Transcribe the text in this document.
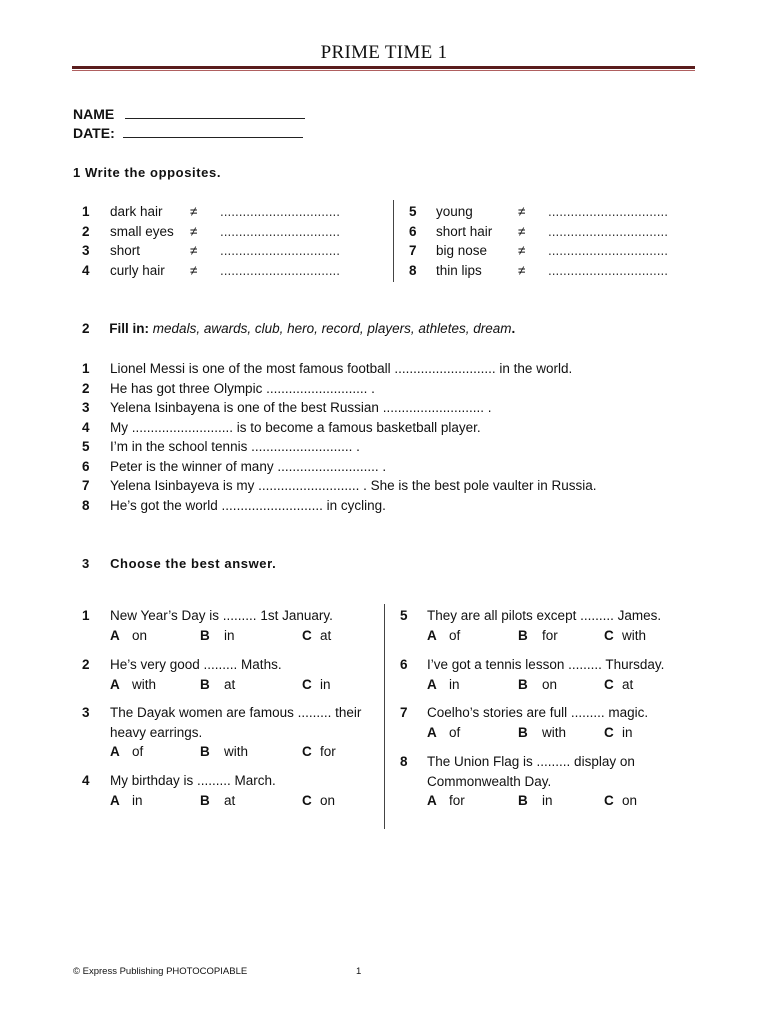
PRIME TIME 1
NAME
DATE:
1 Write the opposites.
1 dark hair ≠ ................................
2 small eyes ≠ ................................
3 short	≠ ................................
4 curly hair ≠ ................................
5 young	≠ ................................
6 short hair ≠ ................................
7 big nose ≠ ................................
8 thin lips	≠ ................................
2 Fill in: medals, awards, club, hero, record, players, athletes, dream.
1 Lionel Messi is one of the most famous football ........................... in the world.
2 He has got three Olympic ........................... .
3 Yelena Isinbayena is one of the best Russian ........................... .
4 My ........................... is to become a famous basketball player.
5 I’m in the school tennis ........................... .
6 Peter is the winner of many ........................... .
7 Yelena Isinbayeva is my ........................... . She is the best pole vaulter in Russia.
8 He’s got the world ........................... in cycling.
3 Choose the best answer.
1 New Year’s Day is ......... 1st January.
A on	B in	C at
2 He’s very good ......... Maths.
A with	B at	C in
3 The Dayak women are famous ......... their
heavy earrings.
A of	B with	C for
4 My birthday is ......... March.
A in	B at	C on
5 They are all pilots except ......... James.
A of	B for	C with
6 I’ve got a tennis lesson ......... Thursday.
A in	B on	C at
7 Coelho’s stories are full ......... magic.
A of	B with	C in
8 The Union Flag is ......... display on
Commonwealth Day.
A for	B in	C on
© Express Publishing PHOTOCOPIABLE	1
